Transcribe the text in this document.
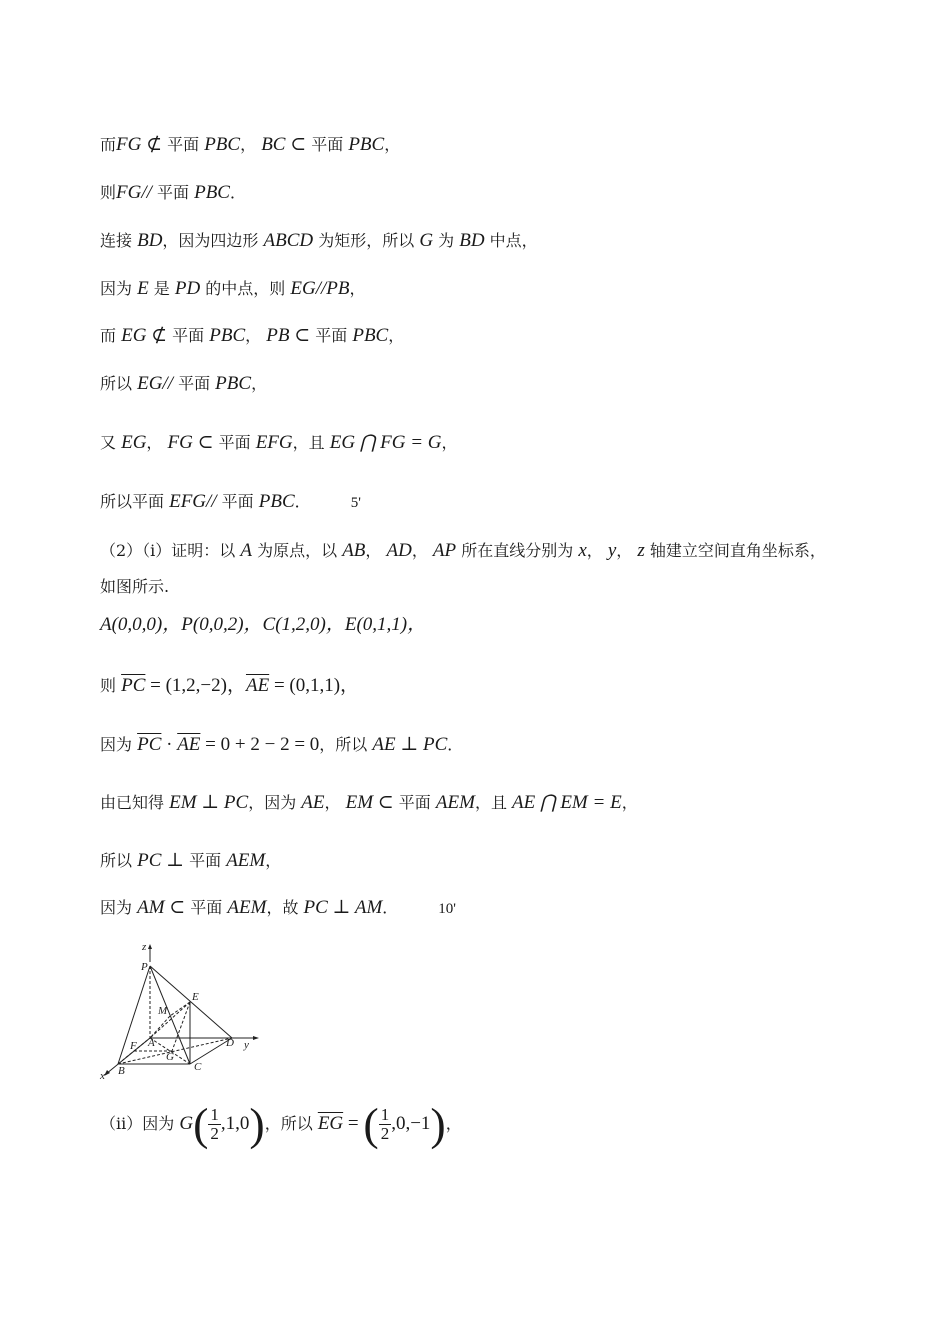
而FG ⊄ 平面 PBC， BC ⊂ 平面 PBC，
则FG// 平面 PBC．
连接 BD，因为四边形 ABCD 为矩形，所以 G 为 BD 中点，
因为 E 是 PD 的中点，则 EG//PB，
而 EG ⊄ 平面 PBC， PB ⊂ 平面 PBC，
所以 EG// 平面 PBC，
又 EG， FG ⊂ 平面 EFG，且 EG ⋂ FG = G，
所以平面 EFG// 平面 PBC．	5'
（2）（i）证明：以 A 为原点，以 AB， AD， AP 所在直线分别为 x， y， z 轴建立空间直角坐标系，
如图所示.
A(0,0,0)，P(0,0,2)，C(1,2,0)，E(0,1,1)，
则 $\overline{PC} = (1,2,-2)$，$\overline{AE} = (0,1,1)$，
因为 $\overline{PC} \cdot \overline{AE} = 0 + 2 - 2 = 0$，所以 AE ⊥ PC．
由已知得 EM ⊥ PC，因为 AE， EM ⊂ 平面 AEM，且 AE ⋂ EM = E，
所以 PC ⊥ 平面 AEM，
因为 AM ⊂ 平面 AEM，故 PC ⊥ AM．	10'
z
P
E
M
A
F
G
D y
B	C
x
（ii）因为 $G( \frac{1}{2} ,1,0)$，所以 $\overline{EG}$ = ( $\frac{1}{2} ,0,-1$)，
